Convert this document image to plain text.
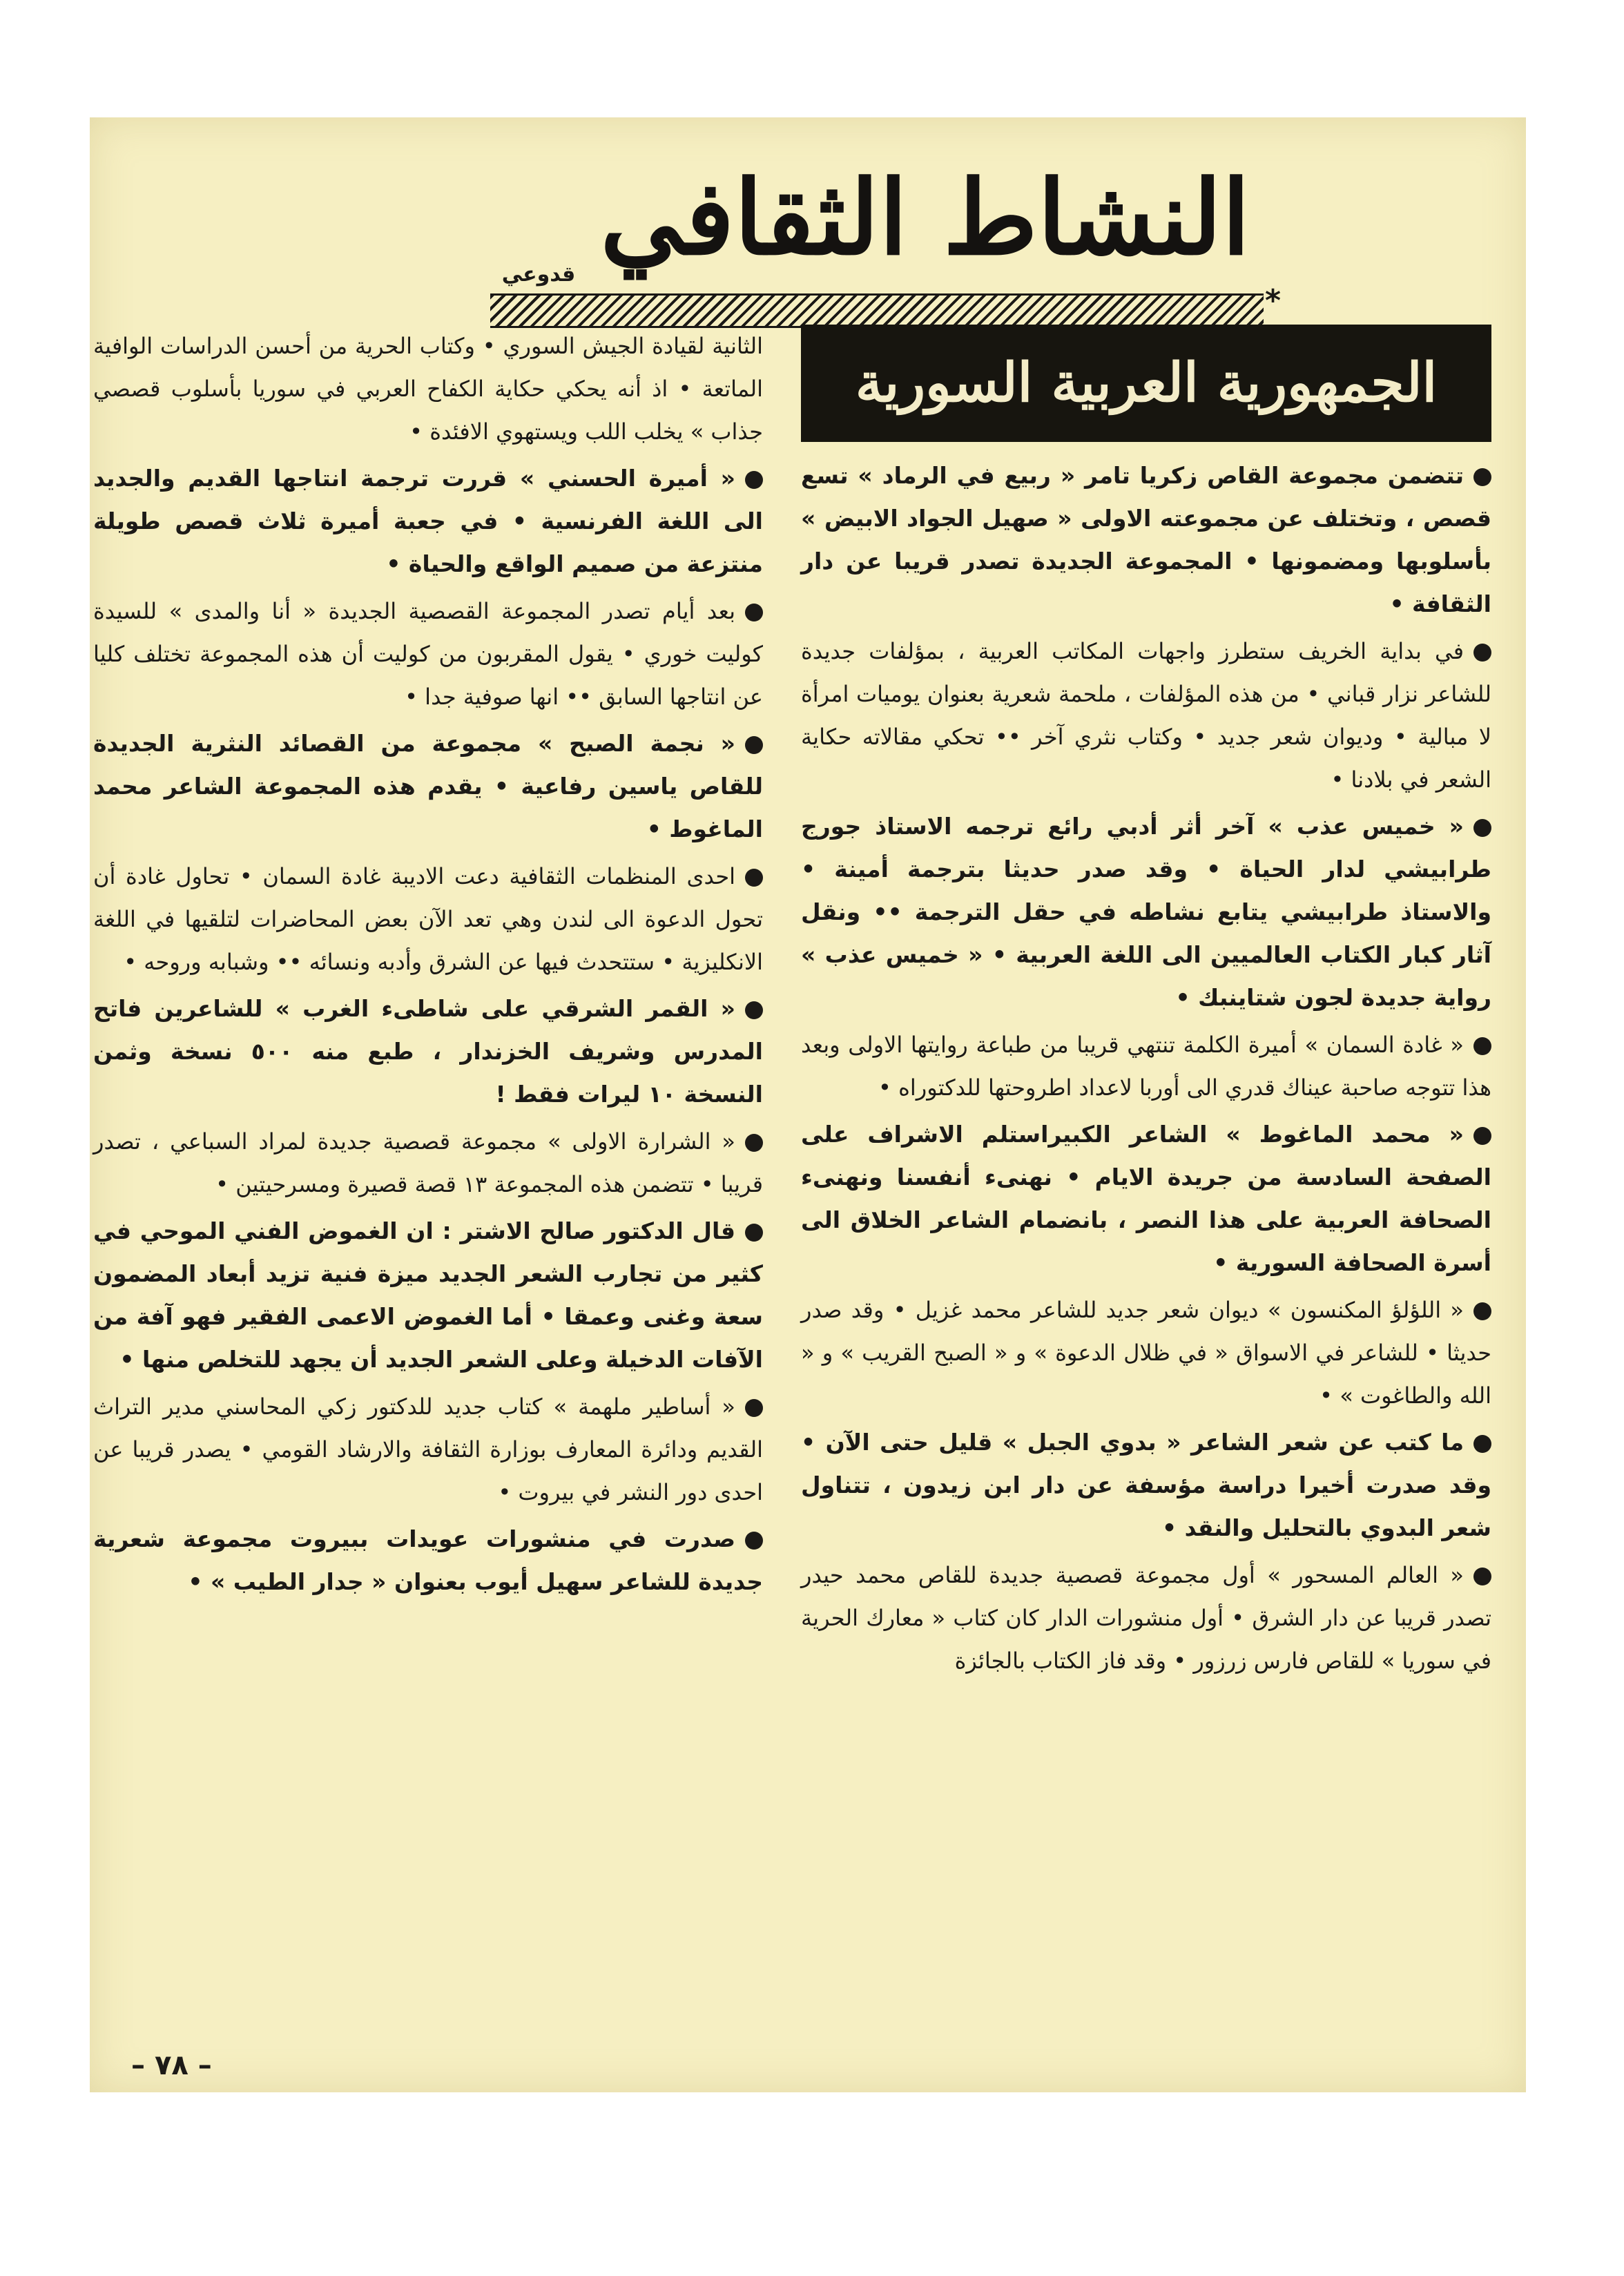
النشاط الثقافي
قدوعي
*
الجمهورية العربية السورية
تتضمن مجموعة القاص زكريا تامر « ربيع في الرماد » تسع قصص ، وتختلف عن مجموعته الاولى « صهيل الجواد الابيض » بأسلوبها ومضمونها • المجموعة الجديدة تصدر قريبا عن دار الثقافة •
في بداية الخريف ستطرز واجهات المكاتب العربية ، بمؤلفات جديدة للشاعر نزار قباني • من هذه المؤلفات ، ملحمة شعرية بعنوان يوميات امرأة لا مبالية • وديوان شعر جديد • وكتاب نثري آخر •• تحكي مقالاته حكاية الشعر في بلادنا •
« خميس عذب » آخر أثر أدبي رائع ترجمه الاستاذ جورج طرابيشي لدار الحياة • وقد صدر حديثا بترجمة أمينة • والاستاذ طرابيشي يتابع نشاطه في حقل الترجمة •• ونقل آثار كبار الكتاب العالميين الى اللغة العربية • « خميس عذب » رواية جديدة لجون شتاينبك •
« غادة السمان » أميرة الكلمة تنتهي قريبا من طباعة روايتها الاولى وبعد هذا تتوجه صاحبة عيناك قدري الى أوربا لاعداد اطروحتها للدكتوراه •
« محمد الماغوط » الشاعر الكبيراستلم الاشراف على الصفحة السادسة من جريدة الايام • نهنىء أنفسنا ونهنىء الصحافة العربية على هذا النصر ، بانضمام الشاعر الخلاق الى أسرة الصحافة السورية •
« اللؤلؤ المكنسون » ديوان شعر جديد للشاعر محمد غزيل • وقد صدر حديثا • للشاعر في الاسواق « في ظلال الدعوة » و « الصبح القريب » و « الله والطاغوت » •
ما كتب عن شعر الشاعر « بدوي الجبل » قليل حتى الآن • وقد صدرت أخيرا دراسة مؤسفة عن دار ابن زيدون ، تتناول شعر البدوي بالتحليل والنقد •
« العالم المسحور » أول مجموعة قصصية جديدة للقاص محمد حيدر تصدر قريبا عن دار الشرق • أول منشورات الدار كان كتاب « معارك الحرية في سوريا » للقاص فارس زرزور • وقد فاز الكتاب بالجائزة
الثانية لقيادة الجيش السوري • وكتاب الحرية من أحسن الدراسات الوافية الماتعة • اذ أنه يحكي حكاية الكفاح العربي في سوريا بأسلوب قصصي جذاب » يخلب اللب ويستهوي الافئدة •
« أميرة الحسني » قررت ترجمة انتاجها القديم والجديد الى اللغة الفرنسية • في جعبة أميرة ثلاث قصص طويلة منتزعة من صميم الواقع والحياة •
بعد أيام تصدر المجموعة القصصية الجديدة « أنا والمدى » للسيدة كوليت خوري • يقول المقربون من كوليت أن هذه المجموعة تختلف كليا عن انتاجها السابق •• انها صوفية جدا •
« نجمة الصبح » مجموعة من القصائد النثرية الجديدة للقاص ياسين رفاعية • يقدم هذه المجموعة الشاعر محمد الماغوط •
احدى المنظمات الثقافية دعت الاديبة غادة السمان • تحاول غادة أن تحول الدعوة الى لندن وهي تعد الآن بعض المحاضرات لتلقيها في اللغة الانكليزية • ستتحدث فيها عن الشرق وأدبه ونسائه •• وشبابه وروحه •
« القمر الشرقي على شاطىء الغرب » للشاعرين فاتح المدرس وشريف الخزندار ، طبع منه ٥٠٠ نسخة وثمن النسخة ١٠ ليرات فقط !
« الشرارة الاولى » مجموعة قصصية جديدة لمراد السباعي ، تصدر قريبا • تتضمن هذه المجموعة ١٣ قصة قصيرة ومسرحيتين •
قال الدكتور صالح الاشتر : ان الغموض الفني الموحي في كثير من تجارب الشعر الجديد ميزة فنية تزيد أبعاد المضمون سعة وغنى وعمقا • أما الغموض الاعمى الفقير فهو آفة من الآفات الدخيلة وعلى الشعر الجديد أن يجهد للتخلص منها •
« أساطير ملهمة » كتاب جديد للدكتور زكي المحاسني مدير التراث القديم ودائرة المعارف بوزارة الثقافة والارشاد القومي • يصدر قريبا عن احدى دور النشر في بيروت •
صدرت في منشورات عويدات ببيروت مجموعة شعرية جديدة للشاعر سهيل أيوب بعنوان « جدار الطيب » •
– ٧٨ –
